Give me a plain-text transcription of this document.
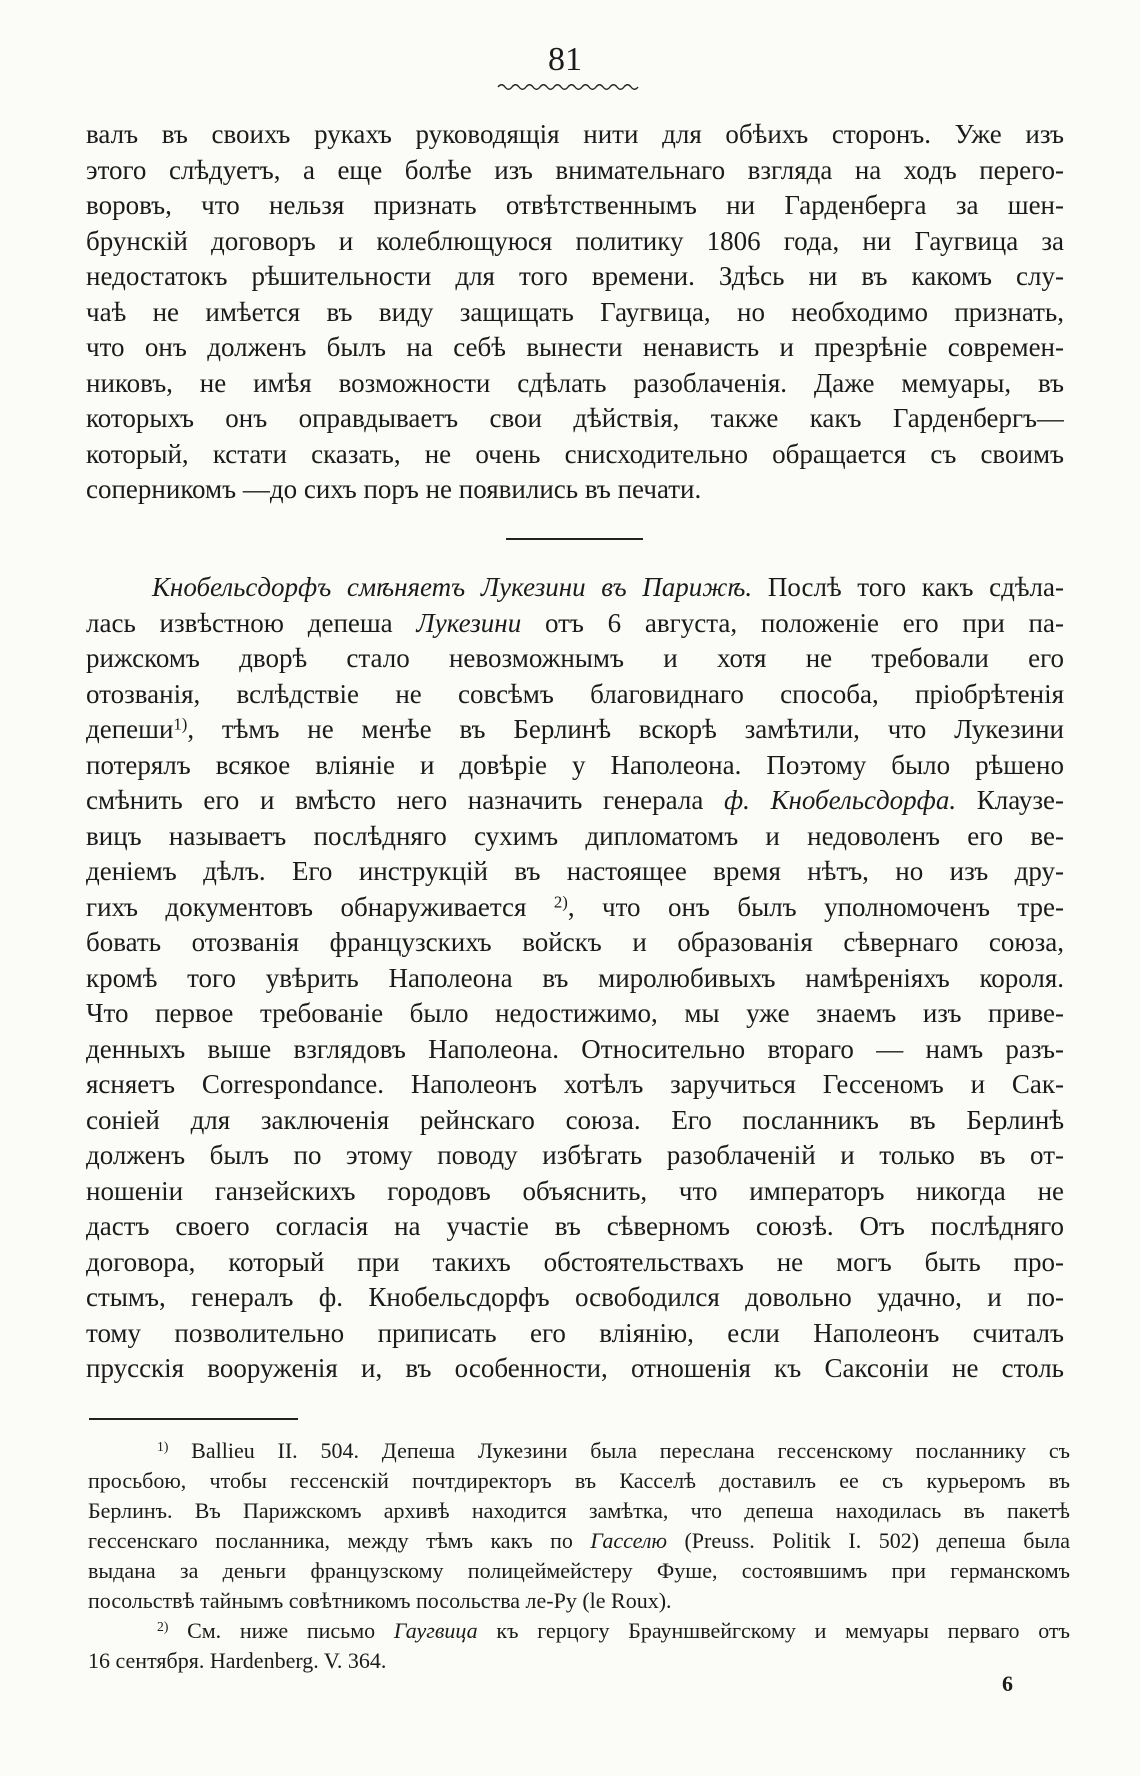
81
валъ въ своихъ рукахъ руководящія нити для обѣихъ сторонъ. Уже изъ
этого слѣдуетъ, а еще болѣе изъ внимательнаго взгляда на ходъ перего-
воровъ, что нельзя признать отвѣтственнымъ ни Гарденберга за шен-
брунскій договоръ и колеблющуюся политику 1806 года, ни Гаугвица за
недостатокъ рѣшительности для того времени. Здѣсь ни въ какомъ слу-
чаѣ не имѣется въ виду защищать Гаугвица, но необходимо признать,
что онъ долженъ былъ на себѣ вынести ненависть и презрѣніе современ-
никовъ, не имѣя возможности сдѣлать разоблаченія. Даже мемуары, въ
которыхъ онъ оправдываетъ свои дѣйствія, также какъ Гарденбергъ—
который, кстати сказать, не очень снисходительно обращается съ своимъ
соперникомъ —до сихъ поръ не появились въ печати.
Кнобельсдорфъ смѣняетъ Лукезини въ Парижѣ. Послѣ того какъ сдѣла-
лась извѣстною депеша Лукезини отъ 6 августа, положеніе его при па-
рижскомъ дворѣ стало невозможнымъ и хотя не требовали его
отозванія, вслѣдствіе не совсѣмъ благовиднаго способа, пріобрѣтенія
депеши$^{1)}$, тѣмъ не менѣе въ Берлинѣ вскорѣ замѣтили, что Лукезини
потерялъ всякое вліяніе и довѣріе у Наполеона. Поэтому было рѣшено
смѣнить его и вмѣсто него назначить генерала ф. Кнобельсдорфа. Клаузе-
вицъ называетъ послѣдняго сухимъ дипломатомъ и недоволенъ его ве-
деніемъ дѣлъ. Его инструкцій въ настоящее время нѣтъ, но изъ дру-
гихъ документовъ обнаруживается $^{2)}$, что онъ былъ уполномоченъ тре-
бовать отозванія французскихъ войскъ и образованія сѣвернаго союза,
кромѣ того увѣрить Наполеона въ миролюбивыхъ намѣреніяхъ короля.
Что первое требованіе было недостижимо, мы уже знаемъ изъ приве-
денныхъ выше взглядовъ Наполеона. Относительно втораго — намъ разъ-
ясняетъ Correspondance. Наполеонъ хотѣлъ заручиться Гессеномъ и Сак-
соніей для заключенія рейнскаго союза. Его посланникъ въ Берлинѣ
долженъ былъ по этому поводу избѣгать разоблаченій и только въ от-
ношеніи ганзейскихъ городовъ объяснить, что императоръ никогда не
дастъ своего согласія на участіе въ сѣверномъ союзѣ. Отъ послѣдняго
договора, который при такихъ обстоятельствахъ не могъ быть про-
стымъ, генералъ ф. Кнобельсдорфъ освободился довольно удачно, и по-
тому позволительно приписать его вліянію, если Наполеонъ считалъ
прусскія вооруженія и, въ особенности, отношенія къ Саксоніи не столь
$^{1)}$ Ballieu II. 504. Депеша Лукезини была переслана гессенскому посланнику съ
просьбою, чтобы гессенскій почтдиректоръ въ Касселѣ доставилъ ее съ курьеромъ въ
Берлинъ. Въ Парижскомъ архивѣ находится замѣтка, что депеша находилась въ пакетѣ
гессенскаго посланника, между тѣмъ какъ по Гасселю (Preuss. Politik I. 502) депеша была
выдана за деньги французскому полицеймейстеру Фуше, состоявшимъ при германскомъ
посольствѣ тайнымъ совѣтникомъ посольства ле-Ру (le Roux).
$^{2)}$ См. ниже письмо Гаугвица къ герцогу Брауншвейгскому и мемуары перваго отъ
16 сентября. Hardenberg. V. 364.
6
